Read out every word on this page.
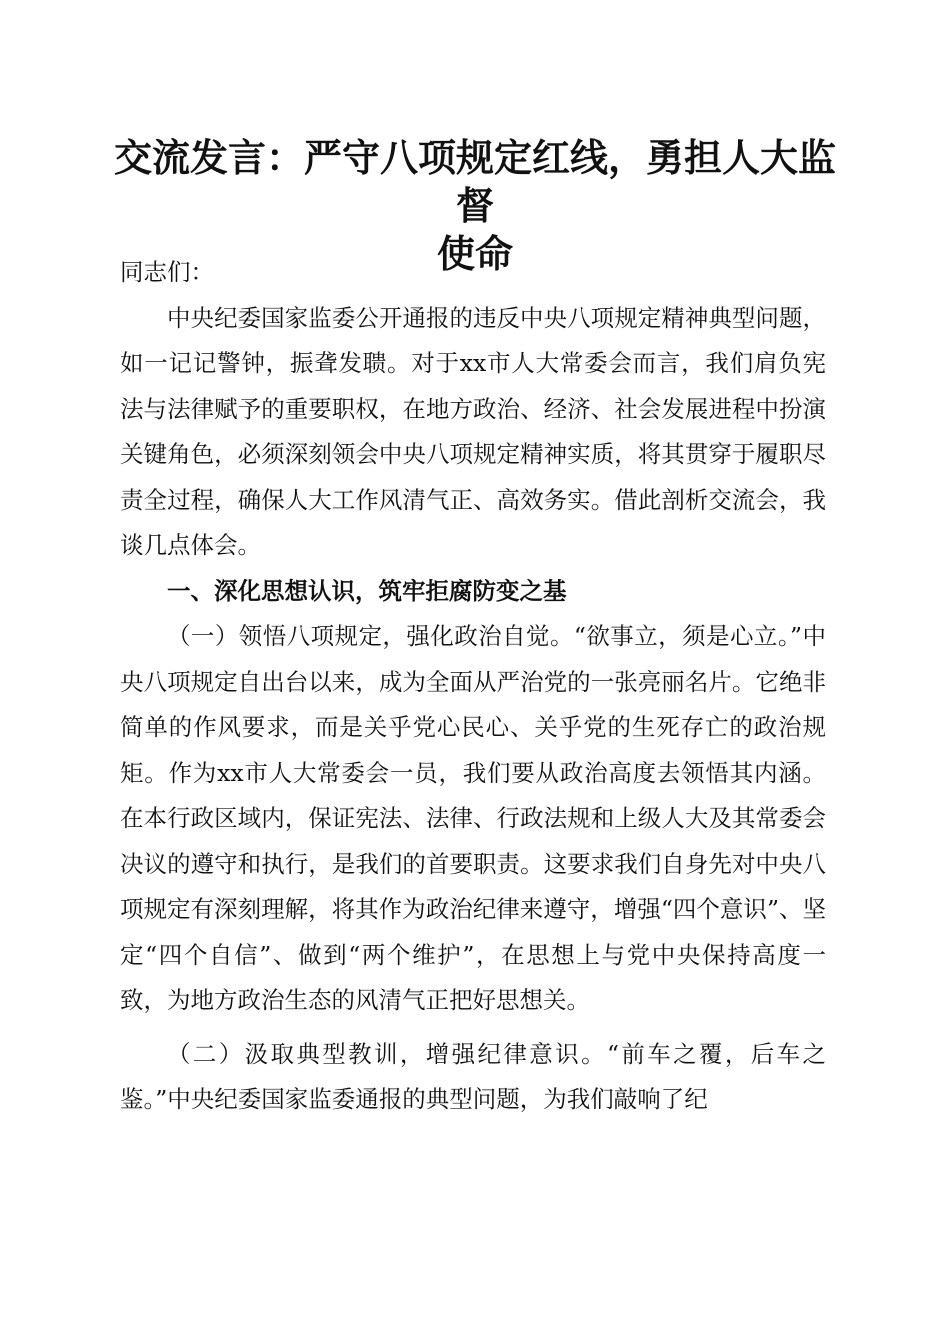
交流发言：严守八项规定红线，勇担人大监督
使命

同志们：

中央纪委国家监委公开通报的违反中央八项规定精神典型问题，如一记记警钟，振聋发聩。对于xx市人大常委会而言，我们肩负宪法与法律赋予的重要职权，在地方政治、经济、社会发展进程中扮演关键角色，必须深刻领会中央八项规定精神实质，将其贯穿于履职尽责全过程，确保人大工作风清气正、高效务实。借此剖析交流会，我谈几点体会。

一、深化思想认识，筑牢拒腐防变之基

（一）领悟八项规定，强化政治自觉。“欲事立，须是心立。”中央八项规定自出台以来，成为全面从严治党的一张亮丽名片。它绝非简单的作风要求，而是关乎党心民心、关乎党的生死存亡的政治规矩。作为xx市人大常委会一员，我们要从政治高度去领悟其内涵。在本行政区域内，保证宪法、法律、行政法规和上级人大及其常委会决议的遵守和执行，是我们的首要职责。这要求我们自身先对中央八项规定有深刻理解，将其作为政治纪律来遵守，增强“四个意识”、坚定“四个自信”、做到“两个维护”，在思想上与党中央保持高度一致，为地方政治生态的风清气正把好思想关。

（二）汲取典型教训，增强纪律意识。“前车之覆，后车之鉴。”中央纪委国家监委通报的典型问题，为我们敲响了纪
